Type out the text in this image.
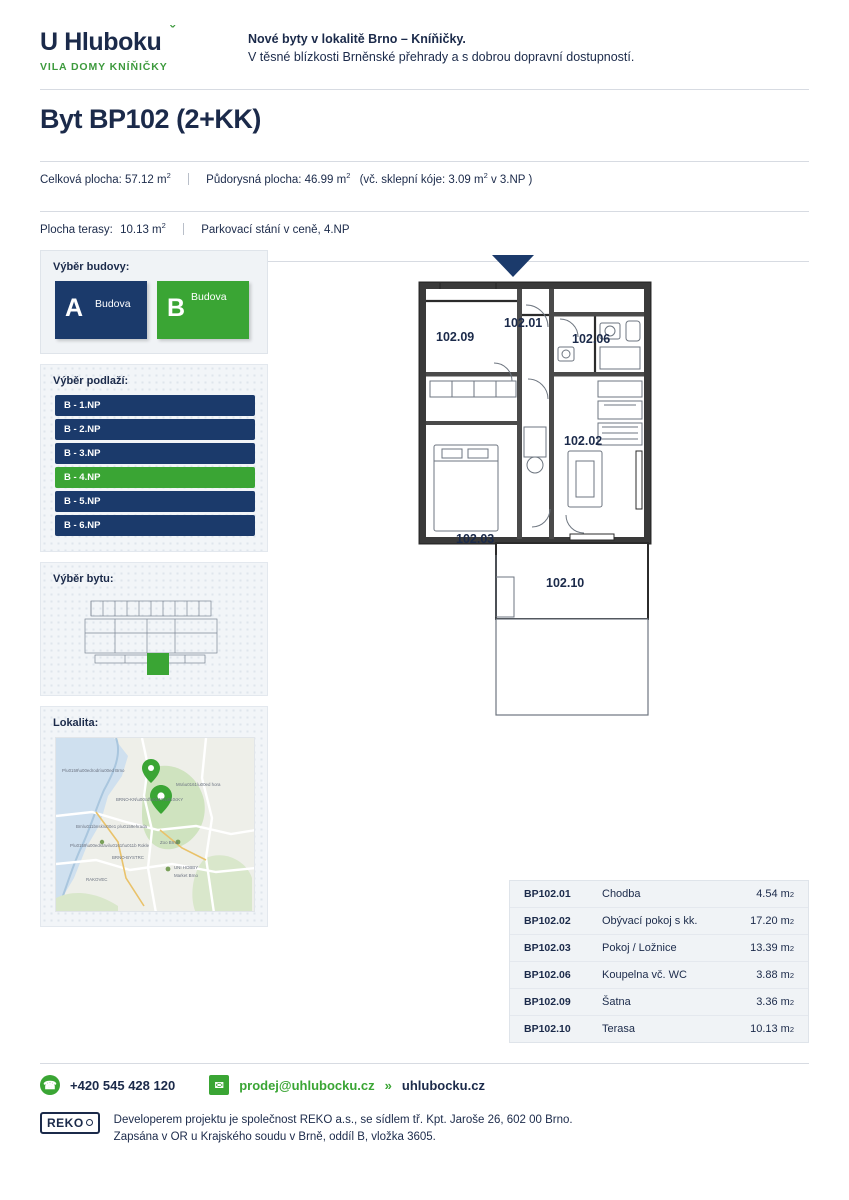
U Hlubo ˇ
ku
VILA DOMY KNÍŇIČKY
Nové byty v lokalitě Brno – Kníňičky.
V těsné blízkosti Brněnské přehrady a s dobrou dopravní dostupností.
Byt BP102 (2+KK)
Celková plocha: 57.12 $m^2$	Půdorysná plocha: 46.99 $m^2$ (vč. sklepní kóje: 3.09 $m^2$ v 3.NP )
Plocha terasy: 10.13 $m^2$	Parkovací stání v ceně, 4.NP
Výběr budovy:
A Budova B Budova
Výběr podlaží:
B - 1.NP
B - 2.NP
B - 3.NP
B - 4.NP
B - 5.NP
B - 6.NP
Výběr bytu:
Lokalita:
P\u0159\u00edrodn\u00ed Brno
BRNO-KN\u00cd\u0147I\u010cKY
Mra\u0161\u00ed hora
Brn\u011bnsk\u00e1 p\u0159ehrada
P\u0159\u00edstavi\u0161t\u011b Rokle
Zoo Brno
BRNO-BYSTRC
RAKOVEC
UNI HOBBY
Market Brno
102.09
102.01
102.06
102.02
102.03
102.10
BP102.01	Chodba	4.54 m 2
BP102.02	Obývací pokoj s kk.	17.20 m 2
BP102.03	Pokoj / Ložnice	13.39 m 2
BP102.06	Koupelna vč. WC	3.88 m 2
BP102.09	Šatna	3.36 m 2
BP102.10	Terasa	10.13 m 2
☎ +420 545 428 120	✉	prodej@uhlubocku.cz » uhlubocku.cz
REKO	Developerem projektu je společnost REKO a.s., se sídlem tř. Kpt. Jaroše 26, 602 00 Brno.
Zapsána v OR u Krajského soudu v Brně, oddíl B, vložka 3605.
